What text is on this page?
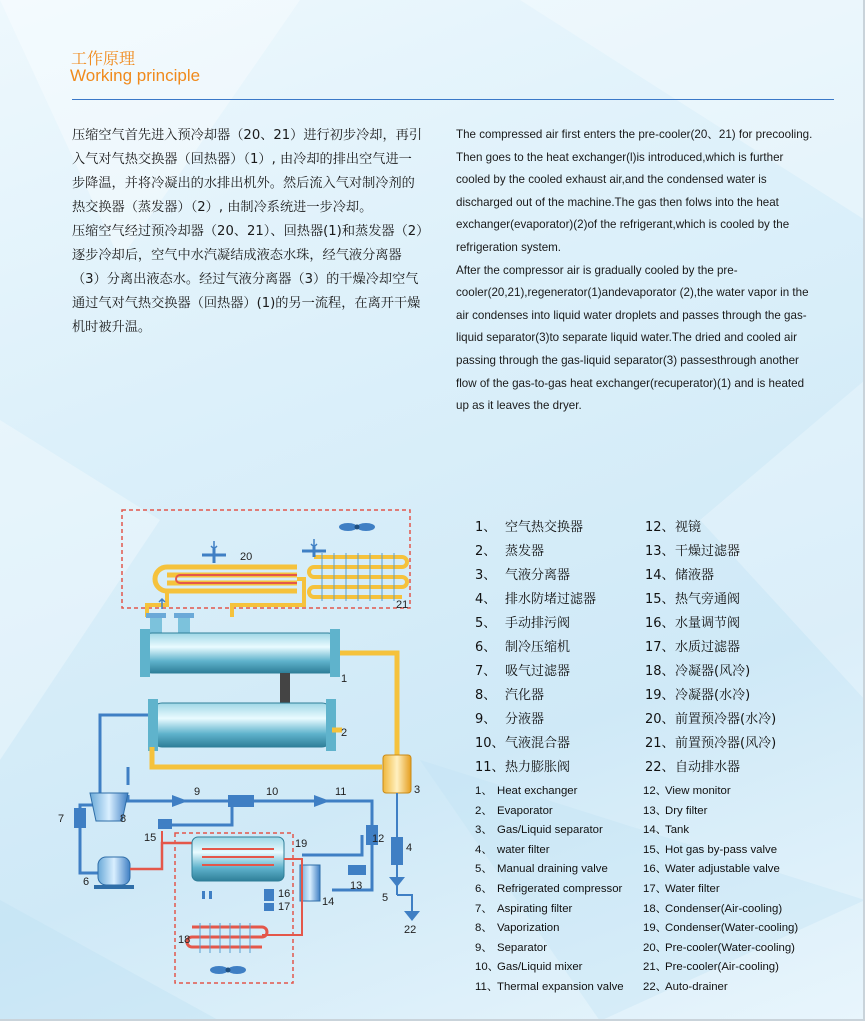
工作原理
Working principle

压缩空气首先进入预冷却器（20、21）进行初步冷却，再引入气对气热交换器（回热器）（1）, 由冷却的排出空气进一步降温，并将冷凝出的水排出机外。然后流入气对制冷剂的热交换器（蒸发器）（2）, 由制冷系统进一步冷却。

压缩空气经过预冷却器（20、21）、回热器(1)和蒸发器（2）逐步冷却后，空气中水汽凝结成液态水珠，经气液分离器

（3）分离出液态水。经过气液分离器（3）的干燥冷却空气通过气对气热交换器（回热器）(1)的另一流程，在离开干燥机时被升温。

The compressed air first enters the pre-cooler(20、21) for precooling. Then goes to the heat exchanger(l)is introduced,which is further cooled by the cooled exhaust air,and the condensed water is discharged out of the machine.The gas then folws into the heat exchanger(evaporator)(2)of the refrigerant,which is cooled by the refrigeration system.

After the compressor air is gradually cooled by the pre-cooler(20,21),regenerator(1)andevaporator (2),the water vapor in the air condenses into liquid water droplets and passes through the gas-liquid separator(3)to separate liquid water.The dried and cooled air passing through the gas-liquid separator(3) passesthrough another flow of the gas-to-gas heat exchanger(recuperator)(1) and is heated up as it leaves the dryer.

1、 空气热交换器
2、 蒸发器
3、 气液分离器
4、 排水防堵过滤器
5、 手动排污阀
6、 制冷压缩机
7、 吸气过滤器
8、 汽化器
9、 分液器
10、气液混合器
11、热力膨胀阀
12、视镜
13、干燥过滤器
14、储液器
15、热气旁通阀
16、水量调节阀
17、水质过滤器
18、冷凝器(风冷)
19、冷凝器(水冷)
20、前置预冷器(水冷)
21、前置预冷器(风冷)
22、自动排水器
1、 Heat exchanger
2、 Evaporator
3、 Gas/Liquid separator
4、 water filter
5、 Manual draining valve
6、 Refrigerated compressor
7、 Aspirating filter
8、 Vaporization
9、 Separator
10、Gas/Liquid mixer
11、Thermal expansion valve
12、View monitor
13、Dry filter
14、Tank
15、Hot gas by-pass valve
16、Water adjustable valve
17、Water filter
18、Condenser(Air-cooling)
19、Condenser(Water-cooling)
20、Pre-cooler(Water-cooling)
21、Pre-cooler(Air-cooling)
22、Auto-drainer
20
21
1
2
3
4
5
6
7	8
9	10	11
12
13
14
15
16
17
18
19
22
